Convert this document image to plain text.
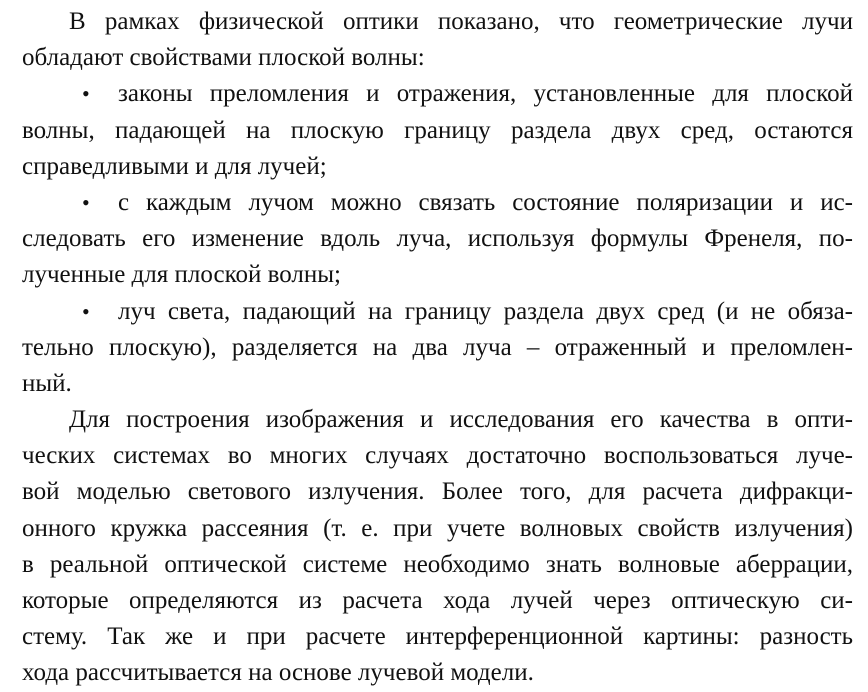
В рамках физической оптики показано, что геометрические лучи
обладают свойствами плоской волны:
• законы преломления и отражения, установленные для плоской
волны, падающей на плоскую границу раздела двух сред, остаются
справедливыми и для лучей;
• с каждым лучом можно связать состояние поляризации и ис-
следовать его изменение вдоль луча, используя формулы Френеля, по-
лученные для плоской волны;
• луч света, падающий на границу раздела двух сред (и не обяза-
тельно плоскую), разделяется на два луча – отраженный и преломлен-
ный.
Для построения изображения и исследования его качества в опти-
ческих системах во многих случаях достаточно воспользоваться луче-
вой моделью светового излучения. Более того, для расчета дифракци-
онного кружка рассеяния (т. е. при учете волновых свойств излучения)
в реальной оптической системе необходимо знать волновые аберрации,
которые определяются из расчета хода лучей через оптическую си-
стему. Так же и при расчете интерференционной картины: разность
хода рассчитывается на основе лучевой модели.
